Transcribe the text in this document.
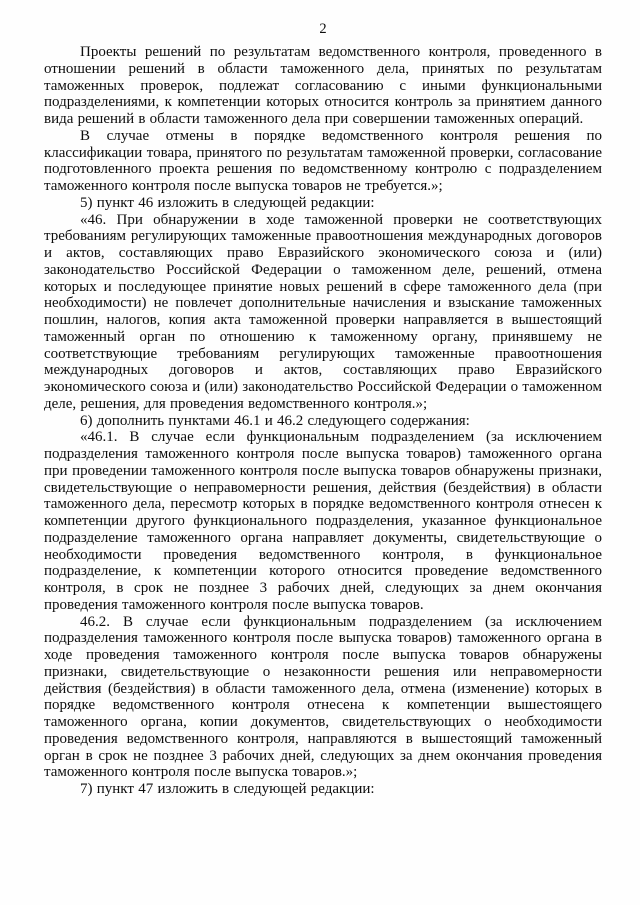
2

Проекты решений по результатам ведомственного контроля, проведенного в отношении решений в области таможенного дела, принятых по результатам таможенных проверок, подлежат согласованию с иными функциональными подразделениями, к компетенции которых относится контроль за принятием данного вида решений в области таможенного дела при совершении таможенных операций.

В случае отмены в порядке ведомственного контроля решения по классификации товара, принятого по результатам таможенной проверки, согласование подготовленного проекта решения по ведомственному контролю с подразделением таможенного контроля после выпуска товаров не требуется.»;

5) пункт 46 изложить в следующей редакции:

«46. При обнаружении в ходе таможенной проверки не соответствующих требованиям регулирующих таможенные правоотношения международных договоров и актов, составляющих право Евразийского экономического союза и (или) законодательство Российской Федерации о таможенном деле, решений, отмена которых и последующее принятие новых решений в сфере таможенного дела (при необходимости) не повлечет дополнительные начисления и взыскание таможенных пошлин, налогов, копия акта таможенной проверки направляется в вышестоящий таможенный орган по отношению к таможенному органу, принявшему не соответствующие требованиям регулирующих таможенные правоотношения международных договоров и актов, составляющих право Евразийского экономического союза и (или) законодательство Российской Федерации о таможенном деле, решения, для проведения ведомственного контроля.»;

6) дополнить пунктами 46.1 и 46.2 следующего содержания:

«46.1. В случае если функциональным подразделением (за исключением подразделения таможенного контроля после выпуска товаров) таможенного органа при проведении таможенного контроля после выпуска товаров обнаружены признаки, свидетельствующие о неправомерности решения, действия (бездействия) в области таможенного дела, пересмотр которых в порядке ведомственного контроля отнесен к компетенции другого функционального подразделения, указанное функциональное подразделение таможенного органа направляет документы, свидетельствующие о необходимости проведения ведомственного контроля, в функциональное подразделение, к компетенции которого относится проведение ведомственного контроля, в срок не позднее 3 рабочих дней, следующих за днем окончания проведения таможенного контроля после выпуска товаров.

46.2. В случае если функциональным подразделением (за исключением подразделения таможенного контроля после выпуска товаров) таможенного органа в ходе проведения таможенного контроля после выпуска товаров обнаружены признаки, свидетельствующие о незаконности решения или неправомерности действия (бездействия) в области таможенного дела, отмена (изменение) которых в порядке ведомственного контроля отнесена к компетенции вышестоящего таможенного органа, копии документов, свидетельствующих о необходимости проведения ведомственного контроля, направляются в вышестоящий таможенный орган в срок не позднее 3 рабочих дней, следующих за днем окончания проведения таможенного контроля после выпуска товаров.»;

7) пункт 47 изложить в следующей редакции:
